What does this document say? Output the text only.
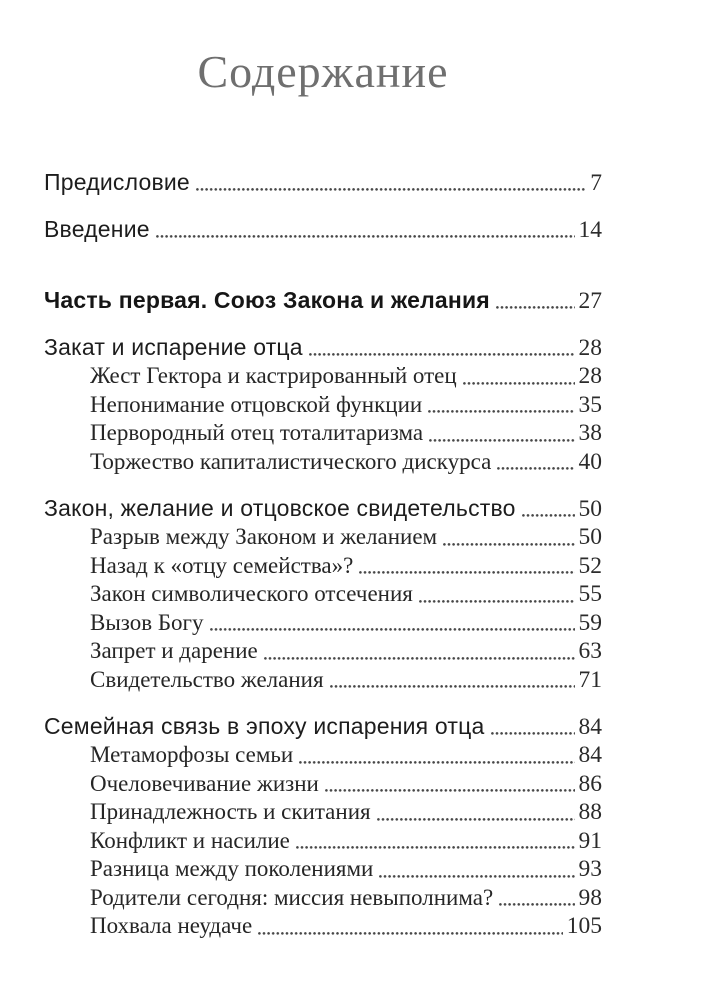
Содержание
Предисловие	7
Введение	14
Часть первая. Союз Закона и желания	27
Закат и испарение отца	28
Жест Гектора и кастрированный отец	28
Непонимание отцовской функции	35
Первородный отец тоталитаризма	38
Торжество капиталистического дискурса	40
Закон, желание и отцовское свидетельство	50
Разрыв между Законом и желанием	50
Назад к «отцу семейства»?	52
Закон символического отсечения	55
Вызов Богу	59
Запрет и дарение	63
Свидетельство желания	71
Семейная связь в эпоху испарения отца	84
Метаморфозы семьи	84
Очеловечивание жизни	86
Принадлежность и скитания	88
Конфликт и насилие	91
Разница между поколениями	93
Родители сегодня: миссия невыполнима?	98
Похвала неудаче	105
